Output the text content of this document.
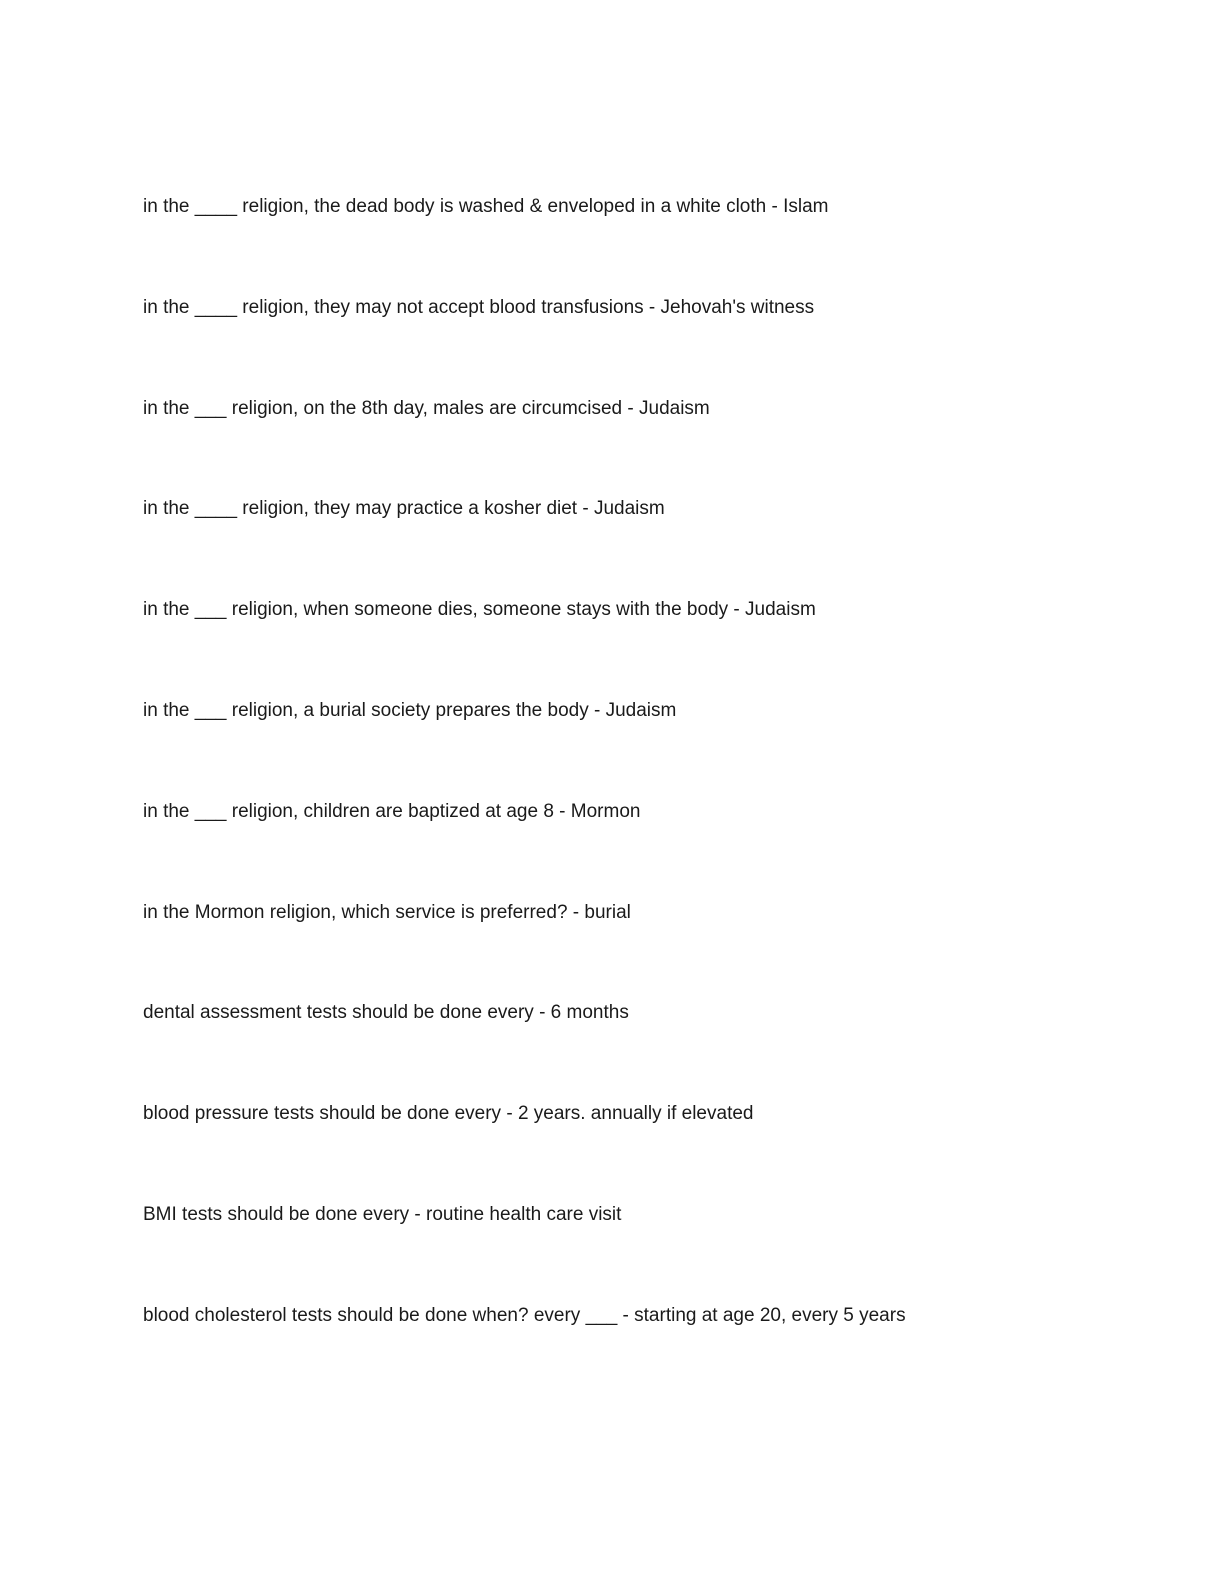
in the ____ religion, the dead body is washed & enveloped in a white cloth - Islam
in the ____ religion, they may not accept blood transfusions - Jehovah's witness
in the ___ religion, on the 8th day, males are circumcised - Judaism
in the ____ religion, they may practice a kosher diet - Judaism
in the ___ religion, when someone dies, someone stays with the body - Judaism
in the ___ religion, a burial society prepares the body - Judaism
in the ___ religion, children are baptized at age 8 - Mormon
in the Mormon religion, which service is preferred? - burial
dental assessment tests should be done every - 6 months
blood pressure tests should be done every - 2 years. annually if elevated
BMI tests should be done every - routine health care visit
blood cholesterol tests should be done when? every ___ - starting at age 20, every 5 years
